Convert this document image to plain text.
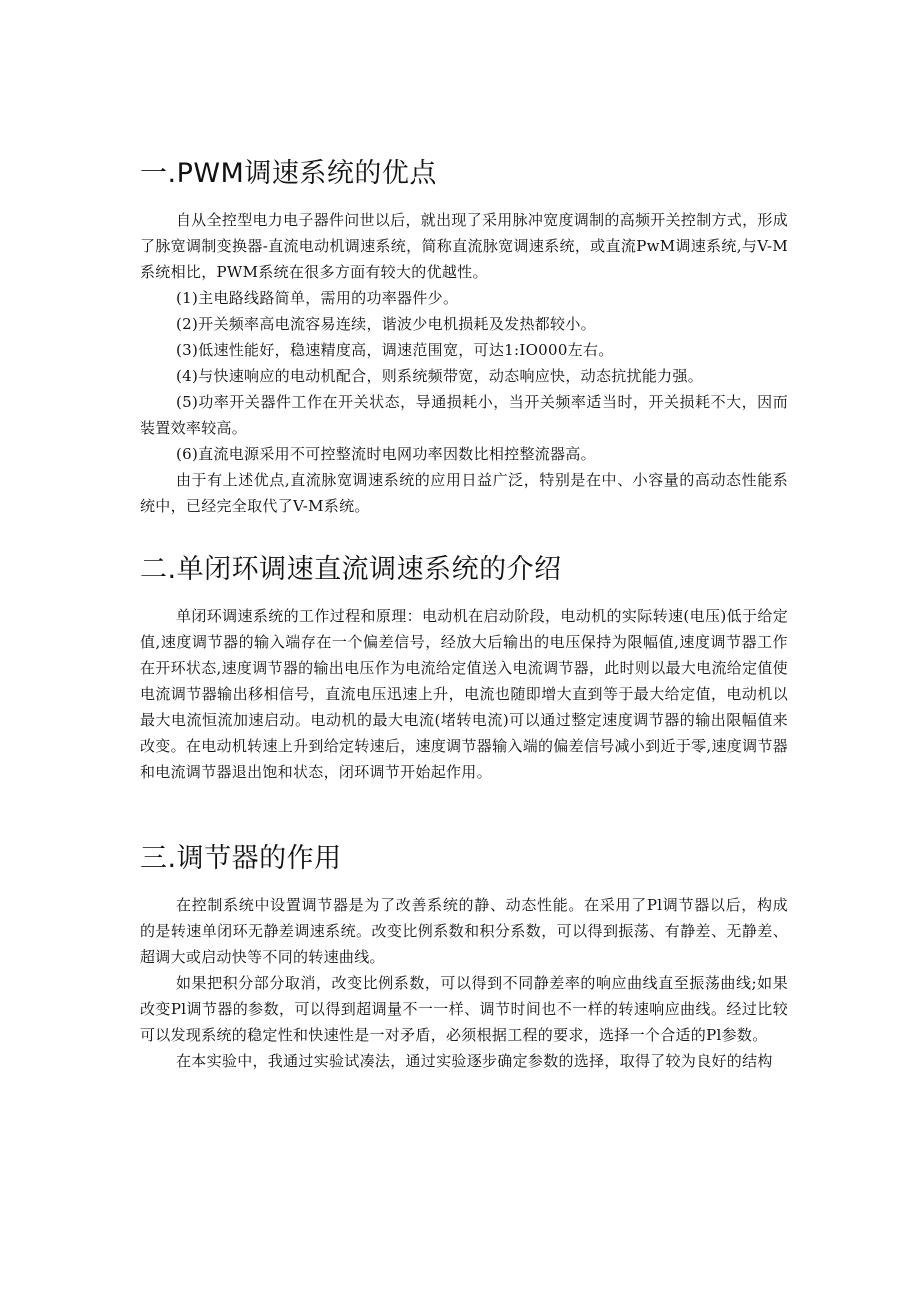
一.PWM调速系统的优点

自从全控型电力电子器件问世以后，就出现了采用脉冲宽度调制的高频开关控制方式，形成了脉宽调制变换器-直流电动机调速系统，简称直流脉宽调速系统，或直流PwM调速系统,与V-M系统相比，PWM系统在很多方面有较大的优越性。

(1)主电路线路简单，需用的功率器件少。

(2)开关频率高电流容易连续，谐波少电机损耗及发热都较小。

(3)低速性能好，稳速精度高，调速范围宽，可达1:IO000左右。

(4)与快速响应的电动机配合，则系统频带宽，动态响应快，动态抗扰能力强。

(5)功率开关器件工作在开关状态，导通损耗小，当开关频率适当时，开关损耗不大，因而装置效率较高。

(6)直流电源采用不可控整流时电网功率因数比相控整流器高。

由于有上述优点,直流脉宽调速系统的应用日益广泛，特别是在中、小容量的高动态性能系统中，已经完全取代了V-M系统。

二.单闭环调速直流调速系统的介绍

单闭环调速系统的工作过程和原理：电动机在启动阶段，电动机的实际转速(电压)低于给定值,速度调节器的输入端存在一个偏差信号，经放大后输出的电压保持为限幅值,速度调节器工作在开环状态,速度调节器的输出电压作为电流给定值送入电流调节器，此时则以最大电流给定值使电流调节器输出移相信号，直流电压迅速上升，电流也随即增大直到等于最大给定值，电动机以最大电流恒流加速启动。电动机的最大电流(堵转电流)可以通过整定速度调节器的输出限幅值来改变。在电动机转速上升到给定转速后，速度调节器输入端的偏差信号减小到近于零,速度调节器和电流调节器退出饱和状态，闭环调节开始起作用。

三.调节器的作用

在控制系统中设置调节器是为了改善系统的静、动态性能。在采用了Pl调节器以后，构成的是转速单闭环无静差调速系统。改变比例系数和积分系数，可以得到振荡、有静差、无静差、超调大或启动快等不同的转速曲线。

如果把积分部分取消，改变比例系数，可以得到不同静差率的响应曲线直至振荡曲线;如果改变Pl调节器的参数，可以得到超调量不一一样、调节时间也不一样的转速响应曲线。经过比较可以发现系统的稳定性和快速性是一对矛盾，必须根据工程的要求，选择一个合适的Pl参数。

在本实验中，我通过实验试凑法，通过实验逐步确定参数的选择，取得了较为良好的结构
